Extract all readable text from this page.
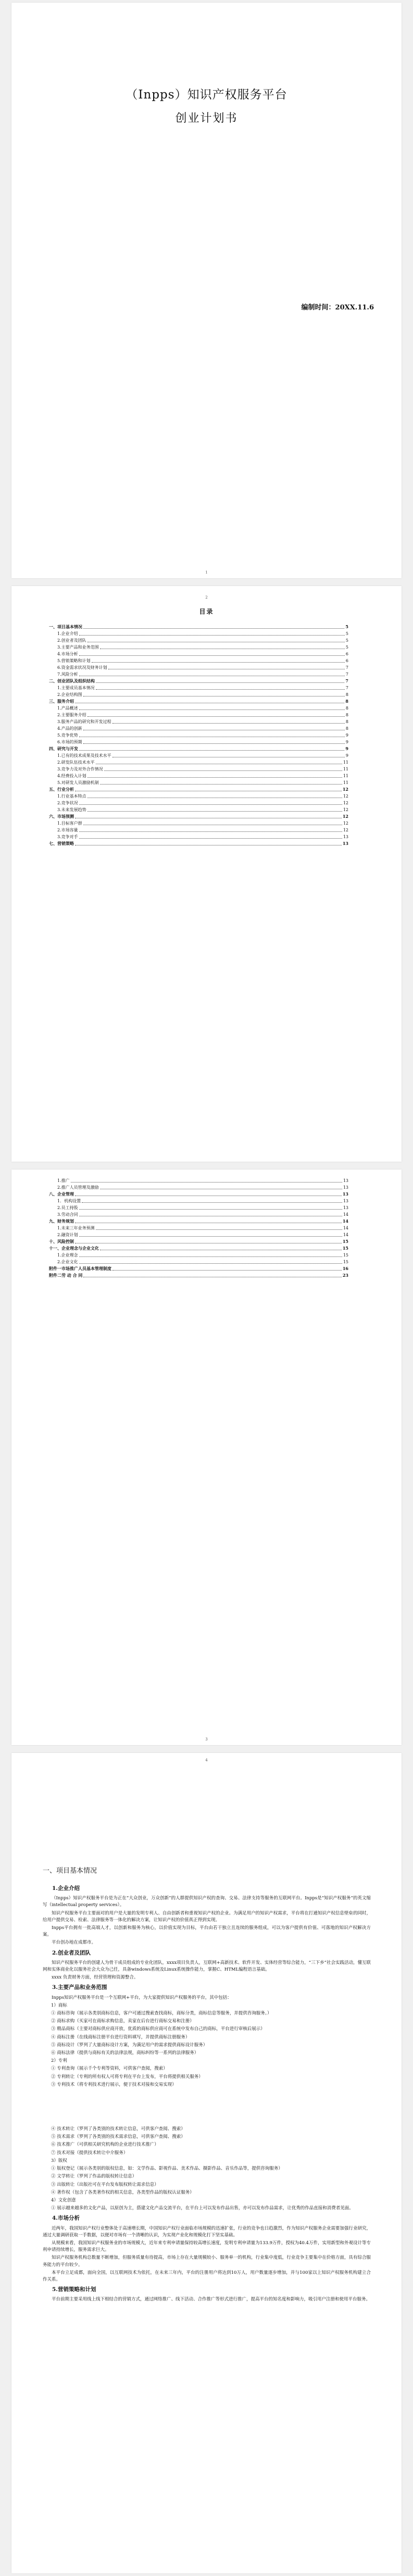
（Inpps）知识产权服务平台
创业计划书
编制时间：20XX.11.6
1
2
目录
一、项目基本情况	5
1.企业介绍	5
2.创业者及团队	5
3.主要产品和业务范围	5
4.市场分析	6
5.营销策略和计划	6
6.资金需求状况及财务计划	7
7.风险分析	7
二、创业团队及组织结构	7
1.主要成员基本情况	7
2.企业结构图	8
三、服务介绍	8
1.产品概述	8
2.主要服务介绍	8
3.服务产品的研究和开发过程	8
4.产品的创新	8
5.竞争优势	9
6.市场的预期	9
四、研究与开发	9
1.已有的技术成果及技术水平	9
2.研发队伍技术水平	11
3.竞争力及对外合作情况	11
4.经费投入计划	11
5.对研发人员激励机制	11
五、行业分析	12
1.行业基本特点	12
2.竞争状况	12
3.未来发展趋势	12
六、市场预测	12
1.目标客户群	12
2.市场容量	12
3.竞争对手	13
七、营销策略	13
1.推广	13
2.推广人员管理及激励	13
八、企业管理	13
1．机构设置	13
2.员工持股	13
3.劳动合同	14
九、财务规划	14
1.未来三年业务预测	14
2.融资计划	14
十、风险控制	15
十一、企业理念与企业文化	15
1.企业理念	15
2.企业文化	15
附件一市场推广人员基本管理制度	16
附件二劳 动 合 同	23
3
4
一、项目基本情况
1.企业介绍

（Inpps）知识产权服务平台是为正在“大众创业，万众创新”的人群提供知识产权的查询、交易、法律支持等服务的互联网平台。Inpps是“知识产权服务”的英文缩写（intellectual property services）。

知识产权服务平台主要面对的用户是大量的发明专利人、自由创新者和重视知识产权的企业。为满足用户的知识产权需求，平台将在打通知识产权信息壁垒的同时，给用户提供交易、检索、法律服务等一体化的解决方案，让知识产权的价值真正得到实现。

Inpps平台拥有一批高端人才，以创新和服务为核心，以价值实现为目标，平台由若干独立且连续的服务组成，可以为客户提供有价值、可落地的知识产权解决方案。

平台创办地在成都市。

2.创业者及团队

知识产权服务平台的创建人为骨干成员组成的专业化团队，xxxx项目负责人，互联网+高新技术、软件开发、实体经营等综合能力，“三下乡”社会实践活动，懂互联网和实体商业化以服务社会大众为己任，具备windows系统及Linux系统操作能力，掌握C、HTML编程语言基础。

xxxx 负责财务方面，经营管理和资源整合。

3.主要产品和业务范围

Inpps知识产权服务平台是一个互联网+平台，为大家提供知识产权服务的平台，其中包括：

1）商标

① 商标咨询（展示各类别商标信息，客户可通过搜索查找商标，商标分类，商标信息等服务，并提供咨询服务。）

② 商标求购（买家可在商标求购信息，卖家在后台进行商标交易和注册）

③ 精品商标（主要对商标供应商开放，优质的商标供应商可在系统中发布自己的商标，平台进行审核后展示）

④ 商标注册（在线商标注册平台进行资料填写，并提供商标注册服务）

⑤ 商标设计（罗列了大量商标设计方案，为满足用户的需求提供商标设计服务）

⑥ 商标法律（提供与商标有关的法律法规，商标纠纷等一系列的法律服务）

2）专利

① 专利查询（展示千个专利等资料，可供客户查阅，搜索）

② 专利转让（专利的所有权人可将专利在平台上发布，平台将提供相关服务）

③ 专利技术（将专利技术进行展示，便于技术对接和交易实现）

④ 技术转让（罗列了各类别的技术转让信息，可供客户查阅、搜索）

⑤ 技术需求（罗列了各类别的技术需求信息，可供客户查阅、搜索）

⑥ 技术推广（可供相关研究机构的企业进行技术推广）

⑦ 技术对接（提供技术转让中介服务）

3）版权

① 版权登记（展示各类别的版权信息，如：文学作品、影视作品、美术作品、摄影作品、音乐作品等，提供咨询服务）

② 文学转让（罗列了作品的版权转让信息）

③ 出版转让（出版社可在平台发布版权转让需求信息）

④ 著作权（包含了各类著作权的相关信息，各类型作品的版权认证服务）

4）文化创意

① 展示越来越多的文化产品，以原创为主，搭建文化产品交流平台，在平台上可以发布作品出售，亦可以发布作品需求，让优秀的作品直接和消费者见面。

4.市场分析

近两年，我国知识产权行业整体处于高速增长期，中国知识产权行业面临市场规模的迅速扩张，行业的竞争也日趋激烈，作为知识产权服务企业需要加强行业研究，通过大量调研获取一手数据，以便对市场有一个清晰的认识，为实现产业化和规模化打下坚实基础。

从规模来看，我国知识产权服务业的市场规模大，近年来专利申请量保持较高增长速度，发明专利申请量为133.9万件，授权为40.4万件，实用新型和外观设计等专利申请持续增长，服务需求巨大。

知识产权服务机构总数量不断增加，但服务质量有待提高，市场上存在大量规模较小、服务单一的机构，行业集中度低，行业竞争主要集中在价格方面，具有综合服务能力的平台较少。

本平台立足成都，面向全国，以互联网技术为依托，在未来三年内，平台的注册用户将达到10万人，用户数量逐步增加，并与100家以上知识产权服务机构建立合作关系。

5.营销策略和计划

平台前期主要采用线上线下相结合的营销方式，通过网络推广、线下活动、合作推广等形式进行推广，提高平台的知名度和影响力，吸引用户注册和使用平台服务。
